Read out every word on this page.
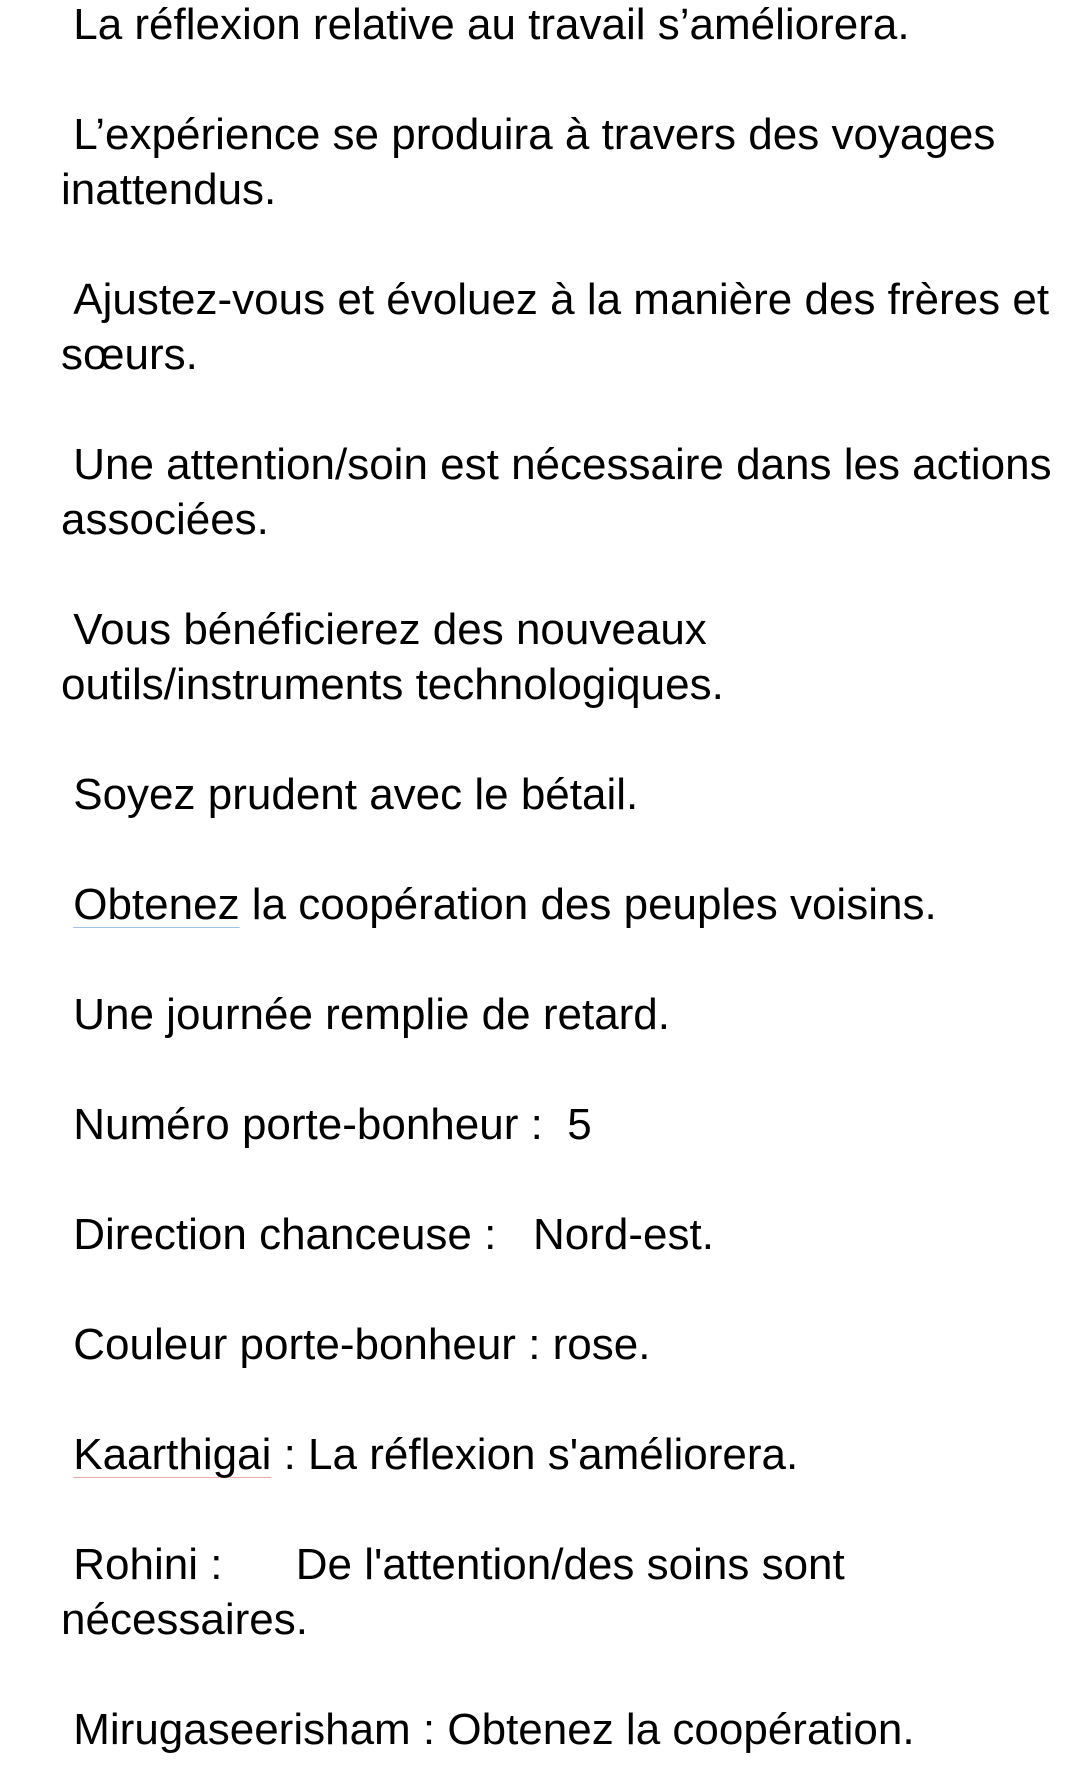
La réflexion relative au travail s’améliorera.

L’expérience se produira à travers des voyages inattendus.

Ajustez-vous et évoluez à la manière des frères et sœurs.

Une attention/soin est nécessaire dans les actions associées.

Vous bénéficierez des nouveaux outils/instruments technologiques.

Soyez prudent avec le bétail.

Obtenez la coopération des peuples voisins.

Une journée remplie de retard.

Numéro porte-bonheur :  5

Direction chanceuse :   Nord-est.

Couleur porte-bonheur : rose.

Kaarthigai : La réflexion s'améliorera.

Rohini :      De l'attention/des soins sont nécessaires.

Mirugaseerisham : Obtenez la coopération.
